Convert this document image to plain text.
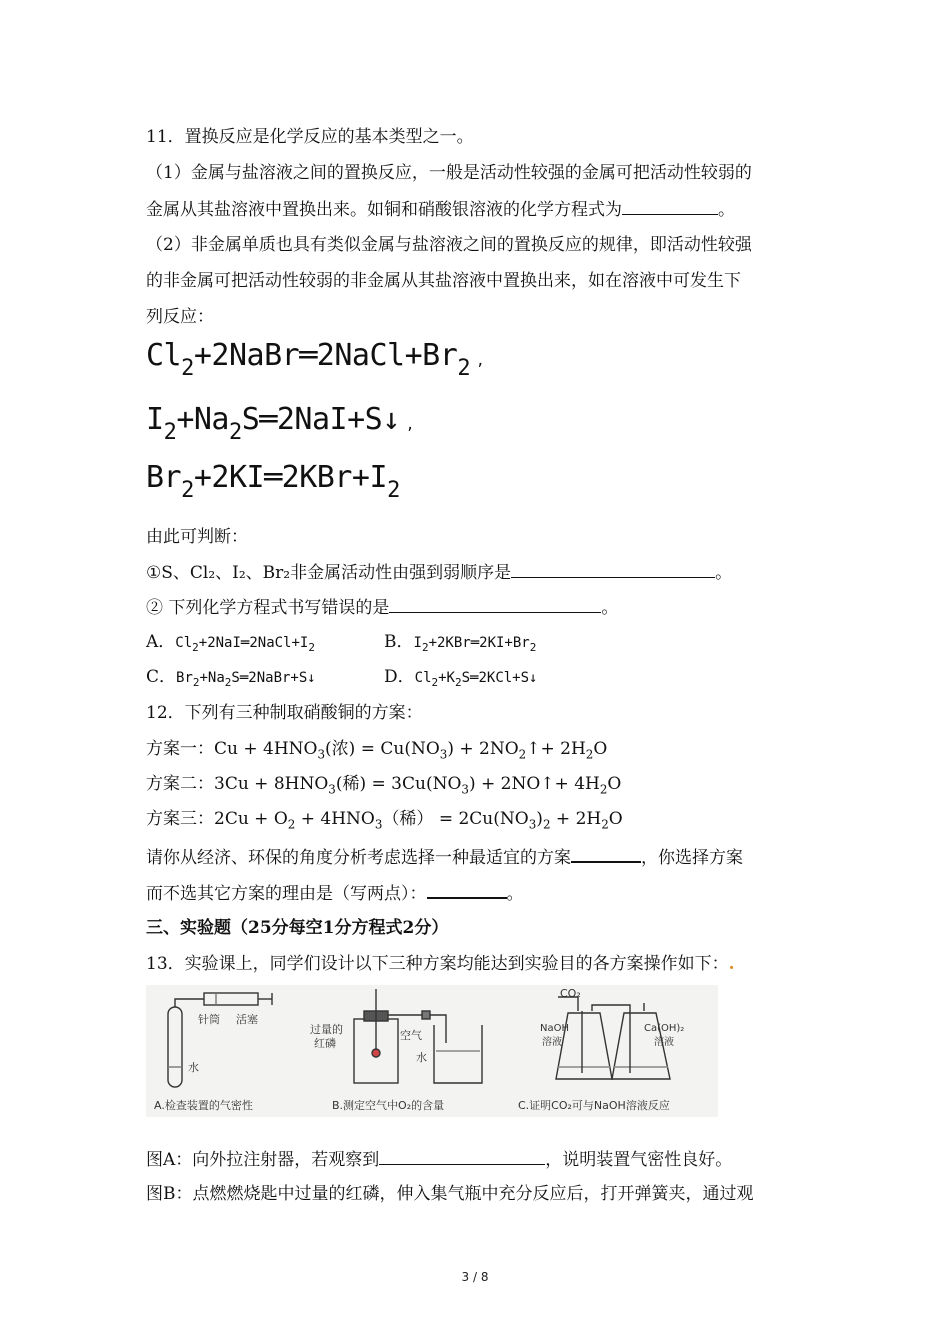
11．置换反应是化学反应的基本类型之一。
（1）金属与盐溶液之间的置换反应，一般是活动性较强的金属可把活动性较弱的
金属从其盐溶液中置换出来。如铜和硝酸银溶液的化学方程式为	。
（2）非金属单质也具有类似金属与盐溶液之间的置换反应的规律，即活动性较强
的非金属可把活动性较弱的非金属从其盐溶液中置换出来，如在溶液中可发生下
列反应：
$Cl_2+2NaBr═2NaCl+Br_2$ ,
$I_2+Na_2S═2NaI+S↓$ ,
$Br_2+2KI═2KBr+I_2$
由此可判断：
①S、Cl₂、I₂、Br₂非金属活动性由强到弱顺序是	。
② 下列化学方程式书写错误的是	。
A．$Cl_2+2NaI═2NaCl+I_2$	B．$I_2+2KBr═2KI+Br_2$
C．$Br_2+Na_2S═2NaBr+S↓$	D．$Cl_2+K_2S═2KCl+S↓$
12．下列有三种制取硝酸铜的方案：
方案一：$Cu + 4HNO_3$(浓) = $Cu(NO_3)$ + $2NO_2↑+ 2H_2O$
方案二：$3Cu + 8HNO_3$(稀) = $3Cu(NO_3)$ + 2NO↑+ $4H_2O$
方案三：$2Cu + O_2 + 4HNO_3$（稀） = $2Cu(NO_3)_2 + 2H_2O$
请你从经济、环保的角度分析考虑选择一种最适宜的方案	，你选择方案
而不选其它方案的理由是（写两点）：	。
三、实验题（25分每空1分方程式2分）
13．实验课上，同学们设计以下三种方案均能达到实验目的各方案操作如下：.
针筒 活塞
水
A.检查装置的气密性
过量的
红磷
空气
水
B.测定空气中O₂的含量
CO₂
NaOH
溶液
Ca(OH)₂
溶液
C.证明CO₂可与NaOH溶液反应
图A：向外拉注射器，若观察到	，说明装置气密性良好。
图B：点燃燃烧匙中过量的红磷，伸入集气瓶中充分反应后，打开弹簧夹，通过观
3 / 8
